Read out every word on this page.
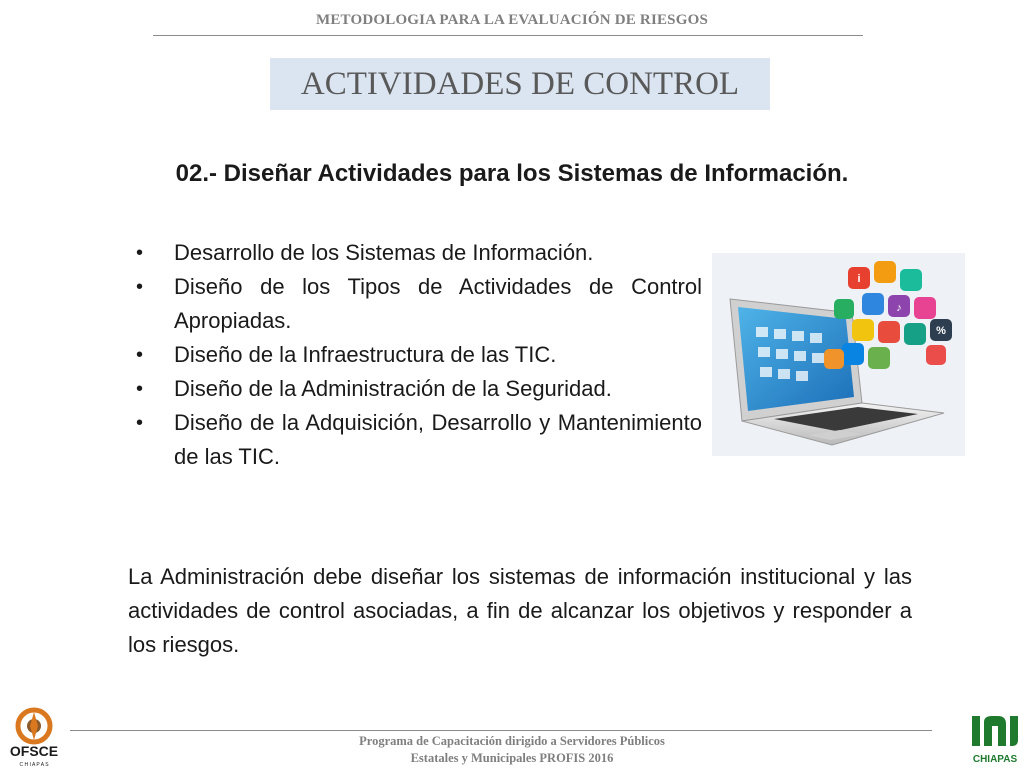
METODOLOGIA PARA LA EVALUACIÓN DE RIESGOS
ACTIVIDADES DE CONTROL
02.- Diseñar Actividades para los Sistemas de Información.
• Desarrollo de los Sistemas de Información.
• Diseño de los Tipos de Actividades de Control Apropiadas.
• Diseño de la Infraestructura de las TIC.
• Diseño de la Administración de la Seguridad.
• Diseño de la Adquisición, Desarrollo y Mantenimiento de las TIC.
i
%
♪

La Administración debe diseñar los sistemas de información institucional y las actividades de control asociadas, a fin de alcanzar los objetivos y responder a los riesgos.

Programa de Capacitación dirigido a Servidores Públicos
Estatales y Municipales PROFIS 2016
OFSCE
C H I A P A S	CHIAPAS
